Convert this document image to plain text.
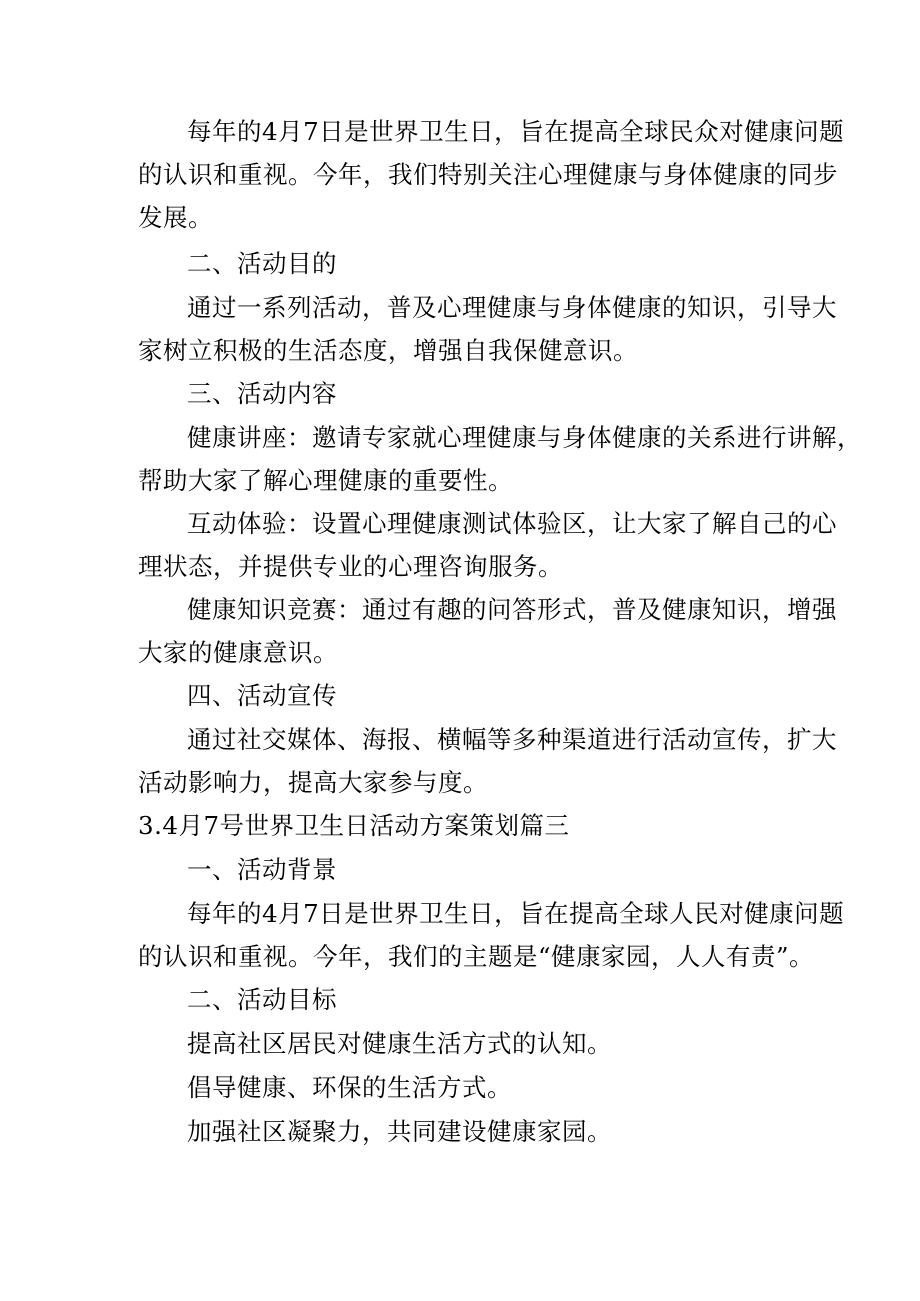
每年的4月7日是世界卫生日，旨在提高全球民众对健康问题
的认识和重视。今年，我们特别关注心理健康与身体健康的同步
发展。
二、活动目的
通过一系列活动，普及心理健康与身体健康的知识，引导大
家树立积极的生活态度，增强自我保健意识。
三、活动内容
健康讲座：邀请专家就心理健康与身体健康的关系进行讲解，
帮助大家了解心理健康的重要性。
互动体验：设置心理健康测试体验区，让大家了解自己的心
理状态，并提供专业的心理咨询服务。
健康知识竞赛：通过有趣的问答形式，普及健康知识，增强
大家的健康意识。
四、活动宣传
通过社交媒体、海报、横幅等多种渠道进行活动宣传，扩大
活动影响力，提高大家参与度。
3.4月7号世界卫生日活动方案策划篇三
一、活动背景
每年的4月7日是世界卫生日，旨在提高全球人民对健康问题
的认识和重视。今年，我们的主题是“健康家园，人人有责”。
二、活动目标
提高社区居民对健康生活方式的认知。
倡导健康、环保的生活方式。
加强社区凝聚力，共同建设健康家园。
